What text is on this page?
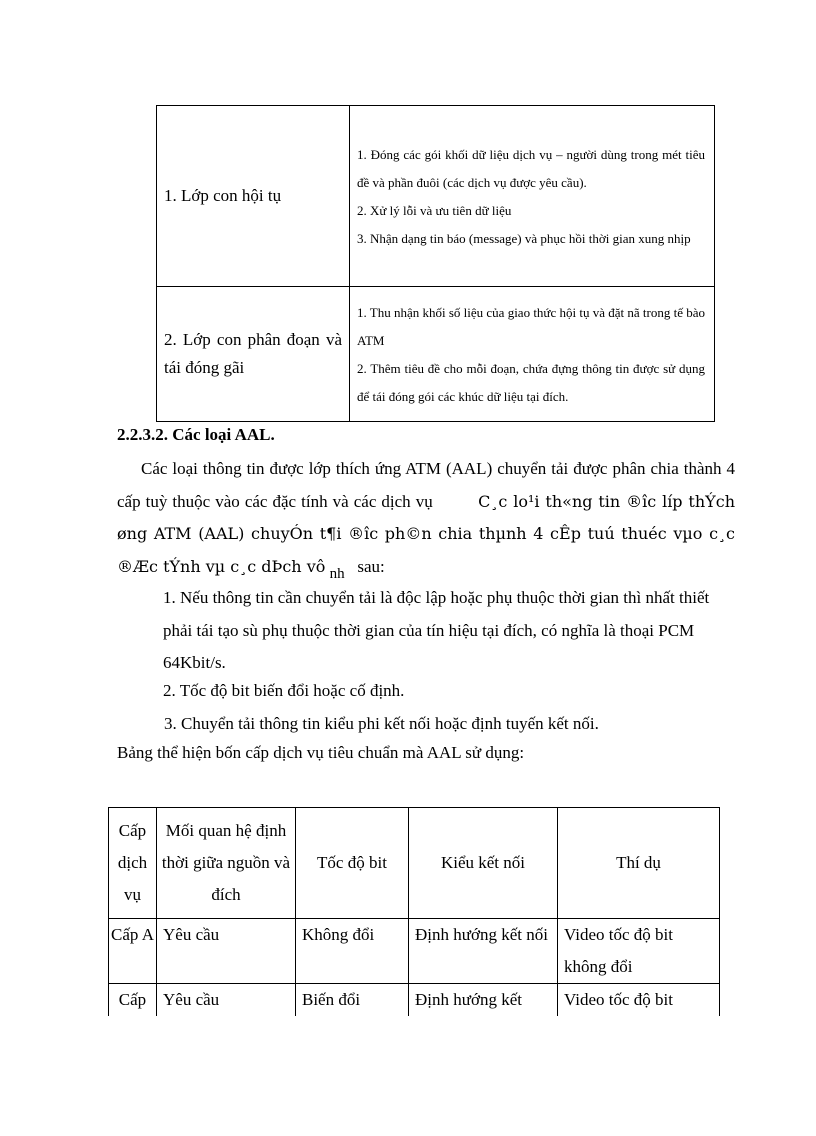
1. Lớp con hội tụ	1. Đóng các gói khối dữ liệu dịch vụ – người dùng trong mét tiêu đề và phần đuôi (các dịch vụ được yêu cầu).
2. Xử lý lỗi và ưu tiên dữ liệu
3. Nhận dạng tin báo (message) và phục hồi thời gian xung nhịp

2. Lớp con phân đoạn và tái đóng gãi	1. Thu nhận khối số liệu của giao thức hội tụ và đặt nã trong tế bào ATM
2. Thêm tiêu đề cho mỗi đoạn, chứa đựng thông tin được sử dụng để tái đóng gói các khúc dữ liệu tại đích.
2.2.3.2. Các loại AAL.
Các loại thông tin được lớp thích ứng ATM (AAL) chuyển tải được phân chia thành 4 cấp tuỳ thuộc vào các đặc tính và các dịch vụ	C¸c lo¹i th«ng tin ®îc líp thÝch øng ATM (AAL) chuyÓn t¶i ®îc ph©n chia thµnh 4 cÊp tuú thuéc vµo c¸c ®Æc tÝnh vµ c¸c dÞch vô $_{nh}$ sau:
1. Nếu thông tin cần chuyển tải là độc lập hoặc phụ thuộc thời gian thì nhất thiết phải tái tạo sù phụ thuộc thời gian của tín hiệu tại đích, có nghĩa là thoại PCM 64Kbit/s.
2. Tốc độ bit biến đổi hoặc cố định.
3. Chuyển tải thông tin kiểu phi kết nối hoặc định tuyến kết nối.
Bảng thể hiện bốn cấp dịch vụ tiêu chuẩn mà AAL sử dụng:
Cấp dịch vụ	Mối quan hệ định thời giữa nguồn và đích	Tốc độ bit	Kiểu kết nối	Thí dụ
Cấp A	Yêu cầu	Không đổi	Định hướng kết nối	Video tốc độ bit không đổi
Cấp	Yêu cầu	Biến đổi	Định hướng kết	Video tốc độ bit
